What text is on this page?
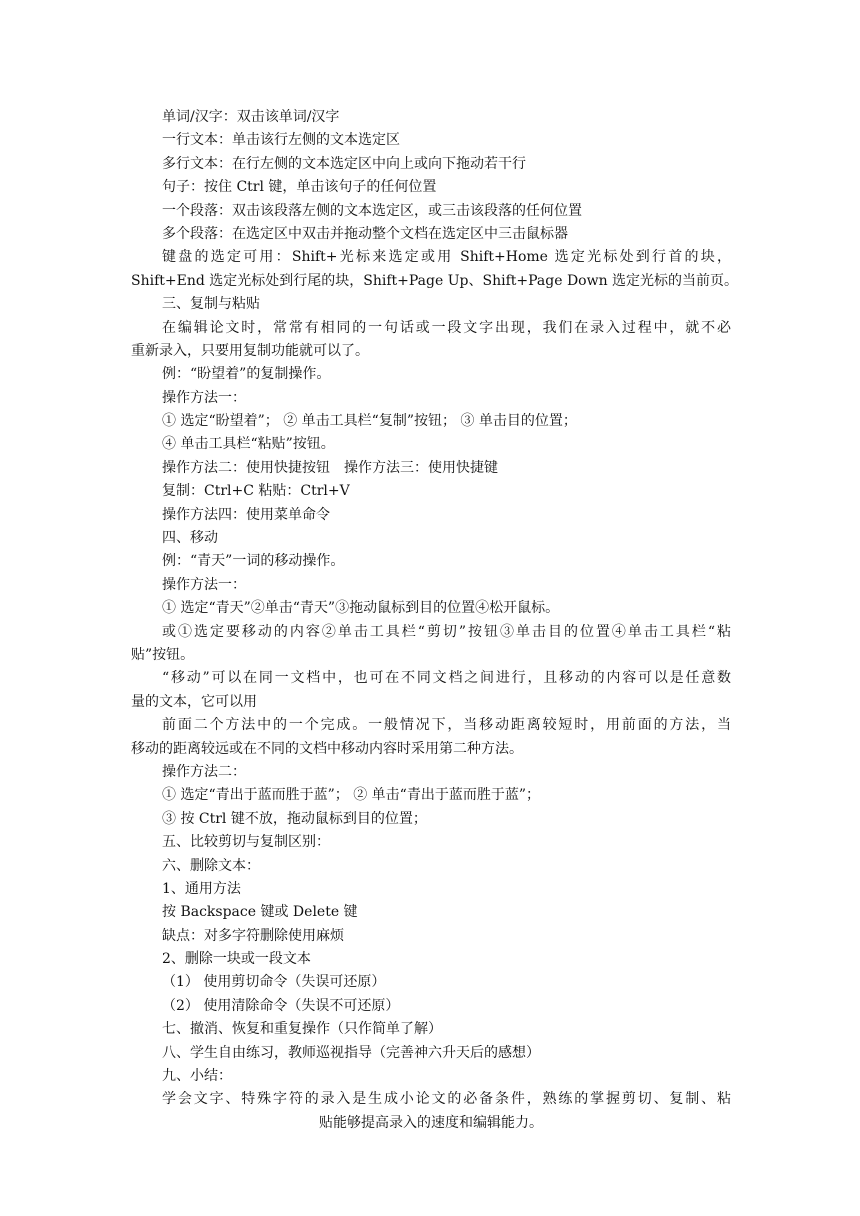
单词/汉字：双击该单词/汉字
一行文本：单击该行左侧的文本选定区
多行文本：在行左侧的文本选定区中向上或向下拖动若干行
句子：按住 Ctrl 键，单击该句子的任何位置
一个段落：双击该段落左侧的文本选定区，或三击该段落的任何位置
多个段落：在选定区中双击并拖动整个文档在选定区中三击鼠标器
键盘的选定可用：Shift+光标来选定或用 Shift+Home 选定光标处到行首的块，
Shift+End 选定光标处到行尾的块，Shift+Page Up、Shift+Page Down 选定光标的当前页。
三、复制与粘贴
在编辑论文时，常常有相同的一句话或一段文字出现，我们在录入过程中，就不必
重新录入，只要用复制功能就可以了。
例：“盼望着”的复制操作。
操作方法一：
① 选定“盼望着”； ② 单击工具栏“复制”按钮； ③ 单击目的位置；
④ 单击工具栏“粘贴”按钮。
操作方法二：使用快捷按钮　操作方法三：使用快捷键
复制：Ctrl+C 粘贴：Ctrl+V
操作方法四：使用菜单命令
四、移动
例：“青天”一词的移动操作。
操作方法一：
① 选定“青天”②单击“青天”③拖动鼠标到目的位置④松开鼠标。
或①选定要移动的内容②单击工具栏“剪切”按钮③单击目的位置④单击工具栏“粘
贴”按钮。
“移动”可以在同一文档中，也可在不同文档之间进行，且移动的内容可以是任意数
量的文本，它可以用
前面二个方法中的一个完成。一般情况下，当移动距离较短时，用前面的方法，当
移动的距离较远或在不同的文档中移动内容时采用第二种方法。
操作方法二：
① 选定“青出于蓝而胜于蓝”； ② 单击“青出于蓝而胜于蓝”；
③ 按 Ctrl 键不放，拖动鼠标到目的位置；
五、比较剪切与复制区别：
六、删除文本：
1、通用方法
按 Backspace 键或 Delete 键
缺点：对多字符删除使用麻烦
2、删除一块或一段文本
（1） 使用剪切命令（失误可还原）
（2） 使用清除命令（失误不可还原）
七、撤消、恢复和重复操作（只作简单了解）
八、学生自由练习，教师巡视指导（完善神六升天后的感想）
九、小结：
学会文字、特殊字符的录入是生成小论文的必备条件，熟练的掌握剪切、复制、粘
贴能够提高录入的速度和编辑能力。
